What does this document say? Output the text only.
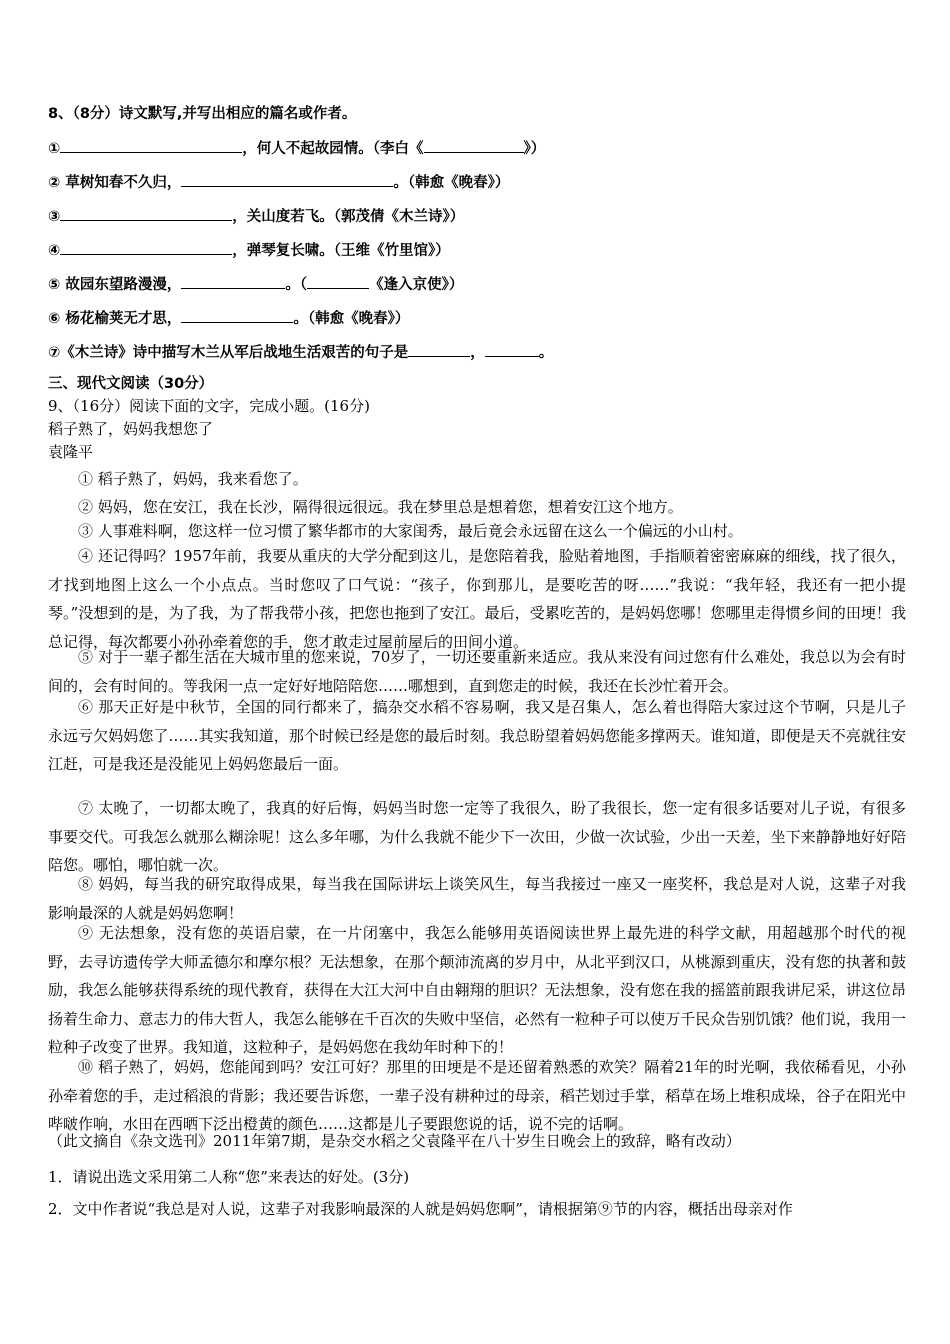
8、（8分）诗文默写,并写出相应的篇名或作者。
①	，何人不起故园情。（李白《	》）
② 草树知春不久归，	。（韩愈《晚春》）
③	，关山度若飞。（郭茂倩《木兰诗》）
④	，弹琴复长啸。（王维《竹里馆》）
⑤ 故园东望路漫漫，	。（	《逢入京使》）
⑥ 杨花榆荚无才思，	。（韩愈《晚春》）
⑦《木兰诗》诗中描写木兰从军后战地生活艰苦的句子是	，	。
三、现代文阅读（30分）
9、（16分）阅读下面的文字，完成小题。(16分)
稻子熟了，妈妈我想您了
袁隆平
① 稻子熟了，妈妈，我来看您了。
② 妈妈，您在安江，我在长沙，隔得很远很远。我在梦里总是想着您，想着安江这个地方。
③ 人事难料啊，您这样一位习惯了繁华都市的大家闺秀，最后竟会永远留在这么一个偏远的小山村。
④ 还记得吗？1957年前，我要从重庆的大学分配到这儿，是您陪着我，脸贴着地图，手指顺着密密麻麻的细线，找了很久，才找到地图上这么一个小点点。当时您叹了口气说：“孩子，你到那儿，是要吃苦的呀……”我说：“我年轻，我还有一把小提琴。”没想到的是，为了我，为了帮我带小孩，把您也拖到了安江。最后，受累吃苦的，是妈妈您哪！您哪里走得惯乡间的田埂！我总记得，每次都要小孙孙牵着您的手，您才敢走过屋前屋后的田间小道。
⑤ 对于一辈子都生活在大城市里的您来说，70岁了，一切还要重新来适应。我从来没有问过您有什么难处，我总以为会有时间的，会有时间的。等我闲一点一定好好地陪陪您……哪想到，直到您走的时候，我还在长沙忙着开会。
⑥ 那天正好是中秋节，全国的同行都来了，搞杂交水稻不容易啊，我又是召集人，怎么着也得陪大家过这个节啊，只是儿子永远亏欠妈妈您了……其实我知道，那个时候已经是您的最后时刻。我总盼望着妈妈您能多撑两天。谁知道，即便是天不亮就往安江赶，可是我还是没能见上妈妈您最后一面。
⑦ 太晚了，一切都太晚了，我真的好后悔，妈妈当时您一定等了我很久，盼了我很长，您一定有很多话要对儿子说，有很多事要交代。可我怎么就那么糊涂呢！这么多年哪，为什么我就不能少下一次田，少做一次试验，少出一天差，坐下来静静地好好陪陪您。哪怕，哪怕就一次。
⑧ 妈妈，每当我的研究取得成果，每当我在国际讲坛上谈笑风生，每当我接过一座又一座奖杯，我总是对人说，这辈子对我影响最深的人就是妈妈您啊！
⑨ 无法想象，没有您的英语启蒙，在一片闭塞中，我怎么能够用英语阅读世界上最先进的科学文献，用超越那个时代的视野，去寻访遗传学大师孟德尔和摩尔根？无法想象，在那个颠沛流离的岁月中，从北平到汉口，从桃源到重庆，没有您的执著和鼓励，我怎么能够获得系统的现代教育，获得在大江大河中自由翱翔的胆识？无法想象，没有您在我的摇篮前跟我讲尼采，讲这位昂扬着生命力、意志力的伟大哲人，我怎么能够在千百次的失败中坚信，必然有一粒种子可以使万千民众告别饥饿？他们说，我用一粒种子改变了世界。我知道，这粒种子，是妈妈您在我幼年时种下的！
⑩ 稻子熟了，妈妈，您能闻到吗？安江可好？那里的田埂是不是还留着熟悉的欢笑？隔着21年的时光啊，我依稀看见，小孙孙牵着您的手，走过稻浪的背影；我还要告诉您，一辈子没有耕种过的母亲，稻芒划过手掌，稻草在场上堆积成垛，谷子在阳光中哔啵作响，水田在西晒下泛出橙黄的颜色……这都是儿子要跟您说的话，说不完的话啊。
（此文摘自《杂文选刊》2011年第7期，是杂交水稻之父袁隆平在八十岁生日晚会上的致辞，略有改动）
1．请说出选文采用第二人称“您”来表达的好处。(3分)
2．文中作者说“我总是对人说，这辈子对我影响最深的人就是妈妈您啊”，请根据第⑨节的内容，概括出母亲对作
